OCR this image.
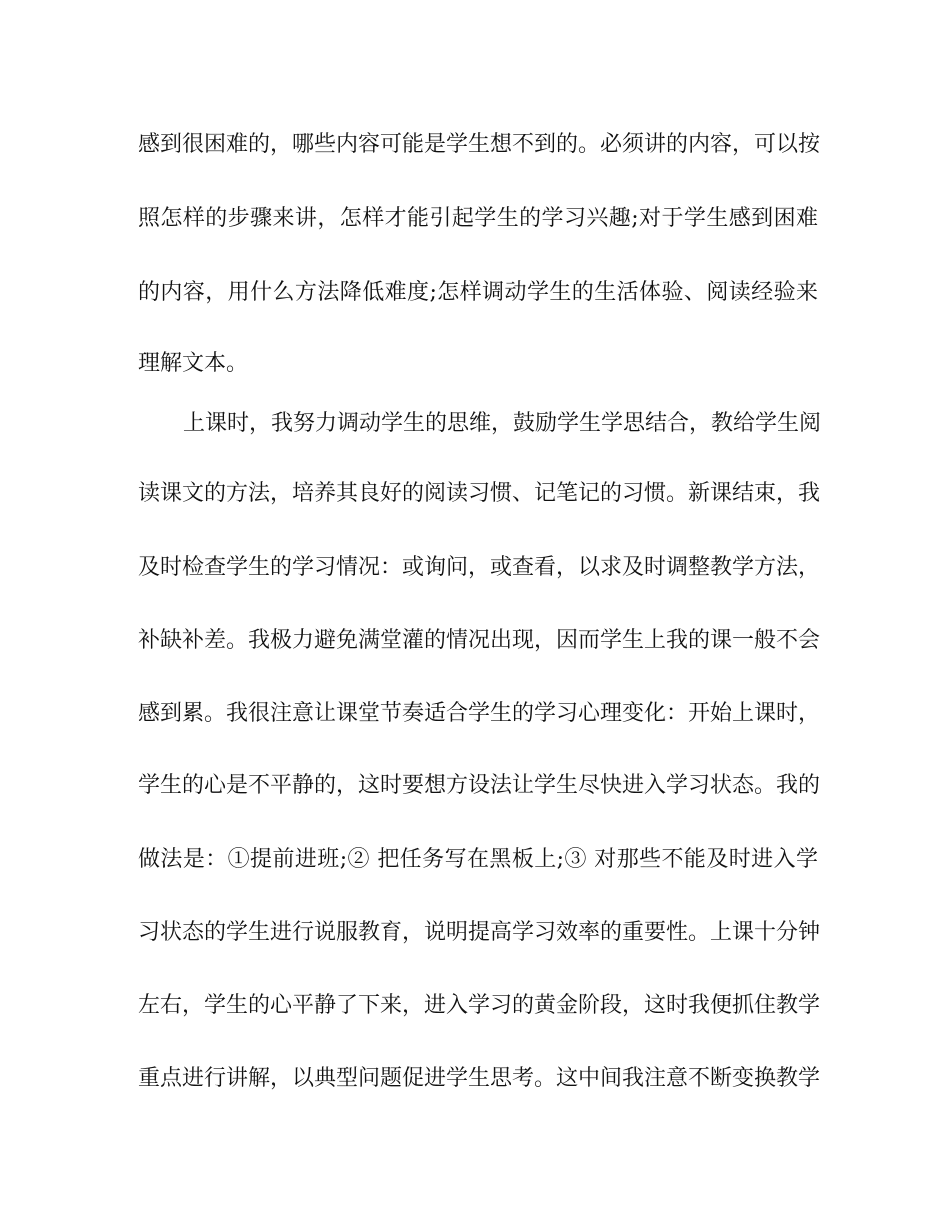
感到很困难的，哪些内容可能是学生想不到的。必须讲的内容，可以按
照怎样的步骤来讲，怎样才能引起学生的学习兴趣;对于学生感到困难
的内容，用什么方法降低难度;怎样调动学生的生活体验、阅读经验来
理解文本。
上课时，我努力调动学生的思维，鼓励学生学思结合，教给学生阅
读课文的方法，培养其良好的阅读习惯、记笔记的习惯。新课结束，我
及时检查学生的学习情况：或询问，或查看，以求及时调整教学方法，
补缺补差。我极力避免满堂灌的情况出现，因而学生上我的课一般不会
感到累。我很注意让课堂节奏适合学生的学习心理变化：开始上课时，
学生的心是不平静的，这时要想方设法让学生尽快进入学习状态。我的
做法是：①提前进班;② 把任务写在黑板上;③ 对那些不能及时进入学
习状态的学生进行说服教育，说明提高学习效率的重要性。上课十分钟
左右，学生的心平静了下来，进入学习的黄金阶段，这时我便抓住教学
重点进行讲解，以典型问题促进学生思考。这中间我注意不断变换教学
